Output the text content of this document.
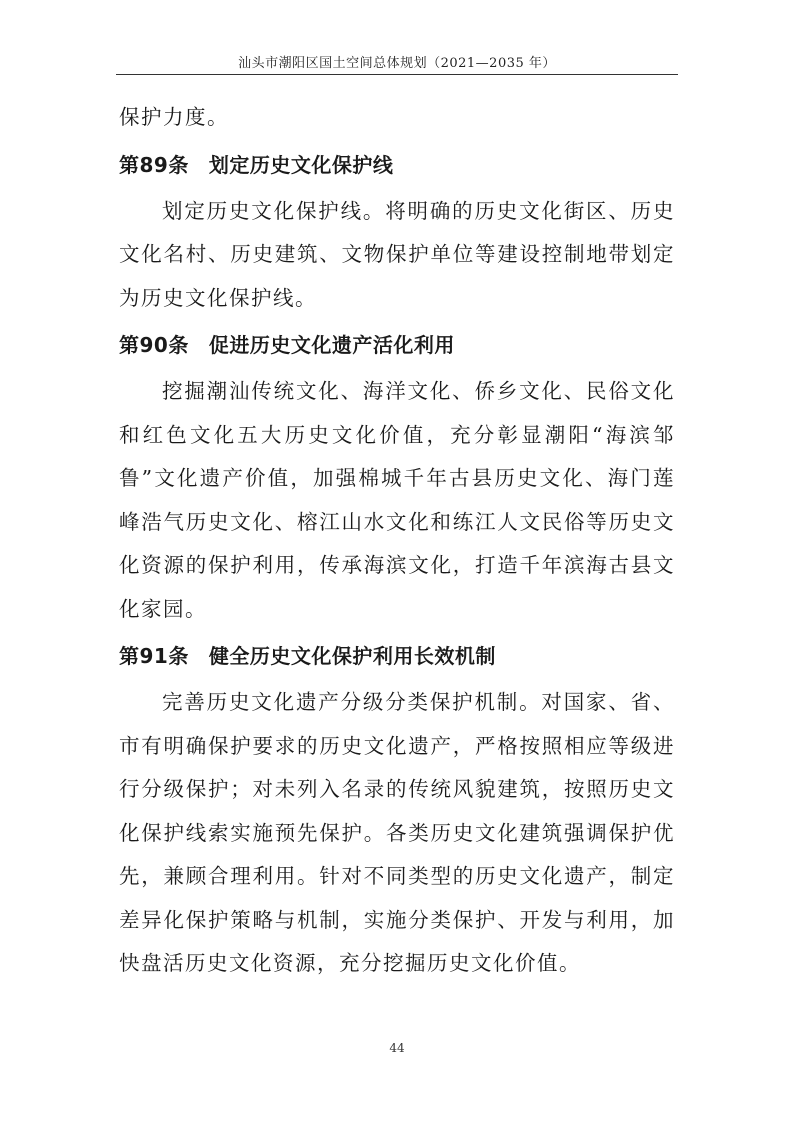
汕头市潮阳区国土空间总体规划（2021—2035 年）

保护力度。

第89条 划定历史文化保护线

划定历史文化保护线。将明确的历史文化街区、历史文化名村、历史建筑、文物保护单位等建设控制地带划定为历史文化保护线。

第90条 促进历史文化遗产活化利用

挖掘潮汕传统文化、海洋文化、侨乡文化、民俗文化和红色文化五大历史文化价值，充分彰显潮阳“海滨邹鲁”文化遗产价值，加强棉城千年古县历史文化、海门莲峰浩气历史文化、榕江山水文化和练江人文民俗等历史文化资源的保护利用，传承海滨文化，打造千年滨海古县文化家园。

第91条 健全历史文化保护利用长效机制

完善历史文化遗产分级分类保护机制。对国家、省、市有明确保护要求的历史文化遗产，严格按照相应等级进行分级保护；对未列入名录的传统风貌建筑，按照历史文化保护线索实施预先保护。各类历史文化建筑强调保护优先，兼顾合理利用。针对不同类型的历史文化遗产，制定差异化保护策略与机制，实施分类保护、开发与利用，加快盘活历史文化资源，充分挖掘历史文化价值。

44
